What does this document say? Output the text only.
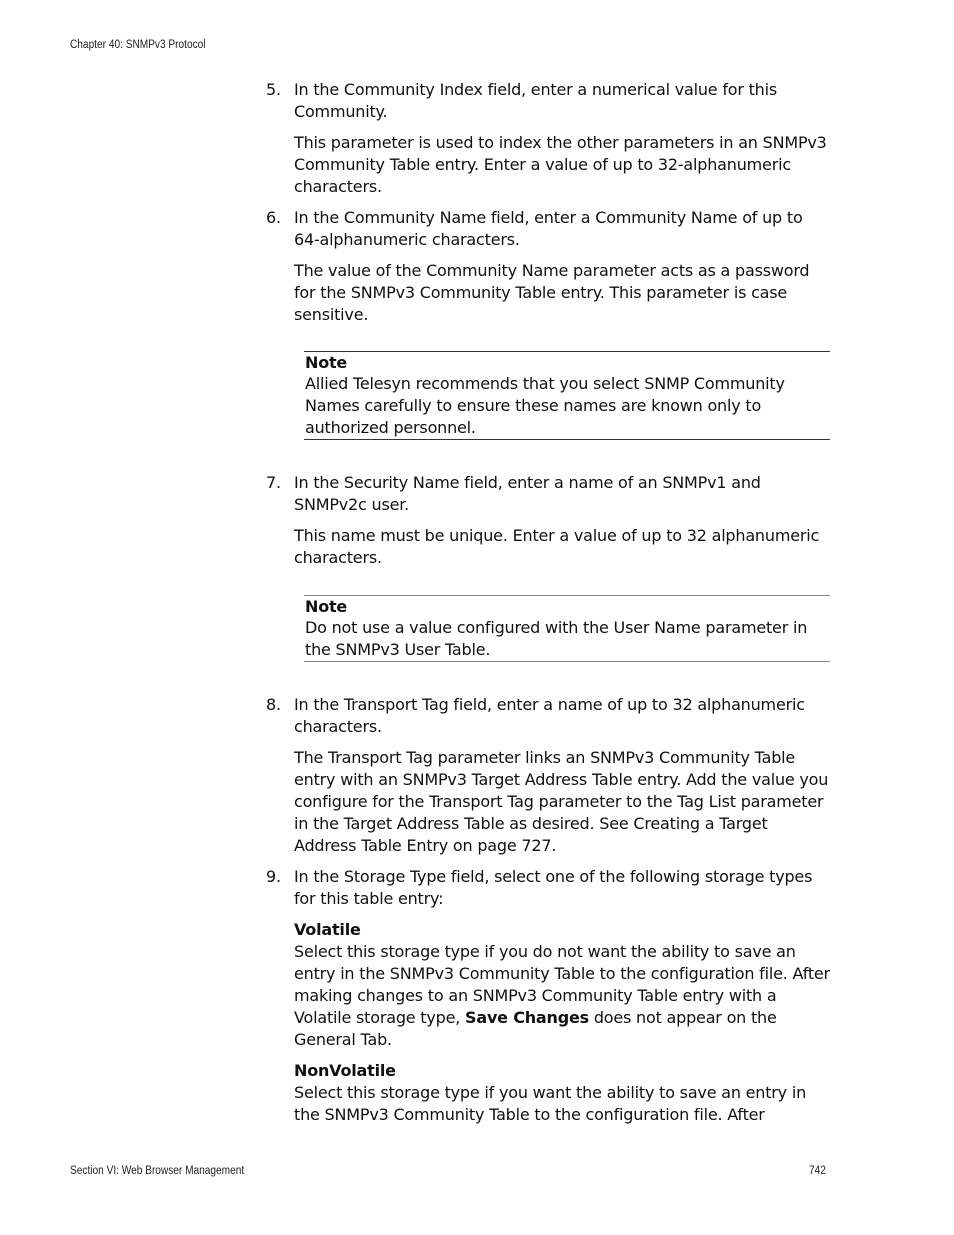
Chapter 40: SNMPv3 Protocol
5. In the Community Index field, enter a numerical value for this Community.

This parameter is used to index the other parameters in an SNMPv3 Community Table entry. Enter a value of up to 32-alphanumeric characters.

6. In the Community Name field, enter a Community Name of up to 64-alphanumeric characters.

The value of the Community Name parameter acts as a password for the SNMPv3 Community Table entry. This parameter is case sensitive.

Note
Allied Telesyn recommends that you select SNMP Community Names carefully to ensure these names are known only to authorized personnel.
7. In the Security Name field, enter a name of an SNMPv1 and SNMPv2c user.

This name must be unique. Enter a value of up to 32 alphanumeric characters.

Note
Do not use a value configured with the User Name parameter in the SNMPv3 User Table.
8. In the Transport Tag field, enter a name of up to 32 alphanumeric characters.

The Transport Tag parameter links an SNMPv3 Community Table entry with an SNMPv3 Target Address Table entry. Add the value you configure for the Transport Tag parameter to the Tag List parameter in the Target Address Table as desired. See Creating a Target Address Table Entry on page 727.

9. In the Storage Type field, select one of the following storage types for this table entry:

Volatile

Select this storage type if you do not want the ability to save an entry in the SNMPv3 Community Table to the configuration file. After making changes to an SNMPv3 Community Table entry with a Volatile storage type, Save Changes does not appear on the General Tab.

NonVolatile

Select this storage type if you want the ability to save an entry in the SNMPv3 Community Table to the configuration file. After

Section VI: Web Browser Management	742
